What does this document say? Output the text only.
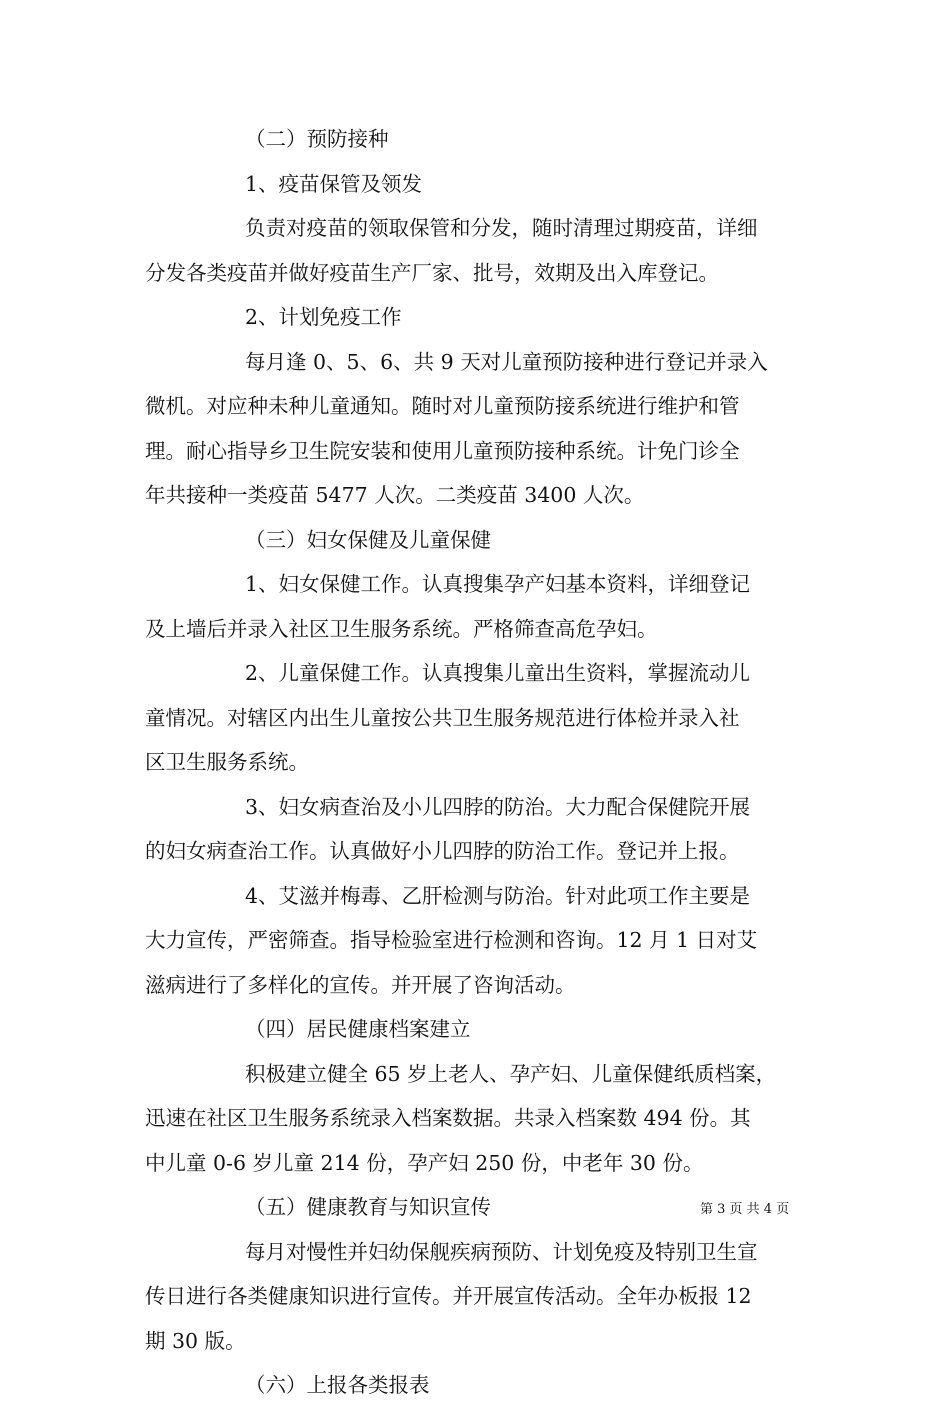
（二）预防接种
1、疫苗保管及领发
负责对疫苗的领取保管和分发，随时清理过期疫苗，详细
分发各类疫苗并做好疫苗生产厂家、批号，效期及出入库登记。
2、计划免疫工作
每月逢 0、5、6、共 9 天对儿童预防接种进行登记并录入
微机。对应种未种儿童通知。随时对儿童预防接系统进行维护和管
理。耐心指导乡卫生院安装和使用儿童预防接种系统。计免门诊全
年共接种一类疫苗 5477 人次。二类疫苗 3400 人次。
（三）妇女保健及儿童保健
1、妇女保健工作。认真搜集孕产妇基本资料，详细登记
及上墙后并录入社区卫生服务系统。严格筛查高危孕妇。
2、儿童保健工作。认真搜集儿童出生资料，掌握流动儿
童情况。对辖区内出生儿童按公共卫生服务规范进行体检并录入社
区卫生服务系统。
3、妇女病查治及小儿四脖的防治。大力配合保健院开展
的妇女病查治工作。认真做好小儿四脖的防治工作。登记并上报。
4、艾滋并梅毒、乙肝检测与防治。针对此项工作主要是
大力宣传，严密筛查。指导检验室进行检测和咨询。12 月 1 日对艾
滋病进行了多样化的宣传。并开展了咨询活动。
（四）居民健康档案建立
积极建立健全 65 岁上老人、孕产妇、儿童保健纸质档案，
迅速在社区卫生服务系统录入档案数据。共录入档案数 494 份。其
中儿童 0-6 岁儿童 214 份，孕产妇 250 份，中老年 30 份。
（五）健康教育与知识宣传
每月对慢性并妇幼保舰疾病预防、计划免疫及特别卫生宣
传日进行各类健康知识进行宣传。并开展宣传活动。全年办板报 12
期 30 版。
（六）上报各类报表
第 3 页 共 4 页
